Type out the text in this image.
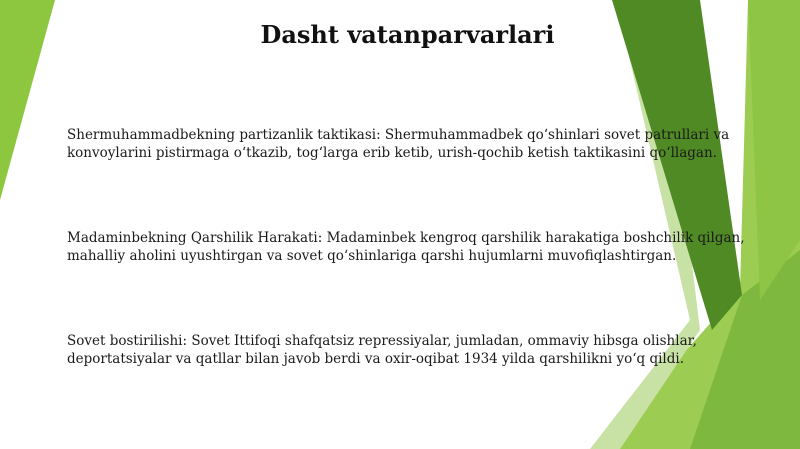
Dasht vatanparvarlari

Shermuhammadbekning partizanlik taktikasi: Shermuhammadbek qo‘shinlari sovet patrullari va konvoylarini pistirmaga o‘tkazib, tog‘larga erib ketib, urish-qochib ketish taktikasini qo‘llagan.

Madaminbekning Qarshilik Harakati: Madaminbek kengroq qarshilik harakatiga boshchilik qilgan, mahalliy aholini uyushtirgan va sovet qo‘shinlariga qarshi hujumlarni muvofiqlashtirgan.

Sovet bostirilishi: Sovet Ittifoqi shafqatsiz repressiyalar, jumladan, ommaviy hibsga olishlar, deportatsiyalar va qatllar bilan javob berdi va oxir-oqibat 1934 yilda qarshilikni yo‘q qildi.
